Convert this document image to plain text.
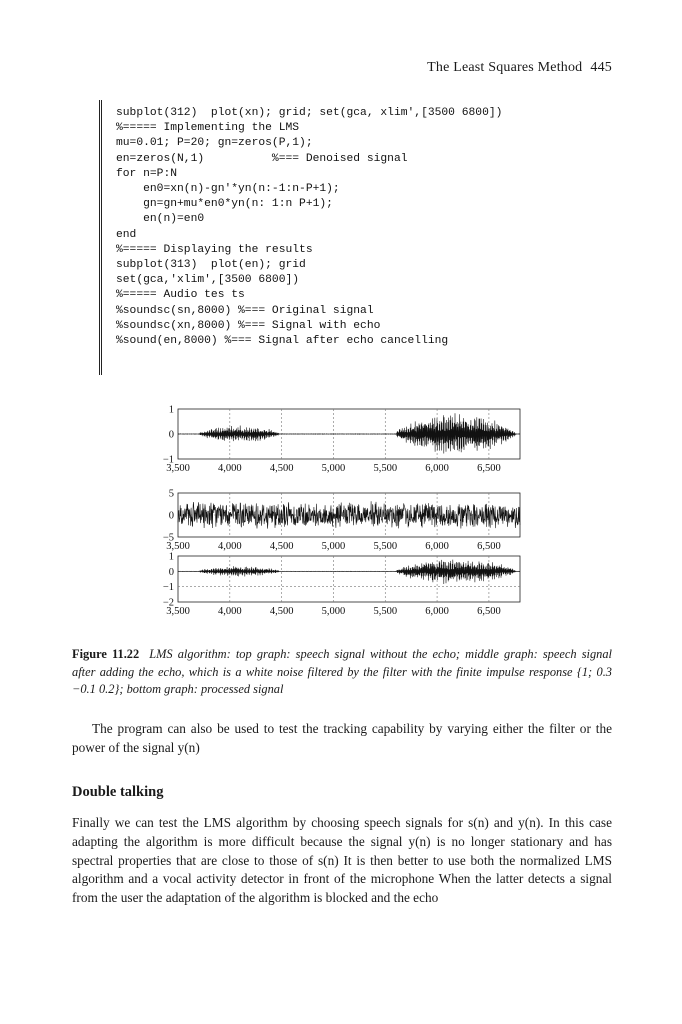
The Least Squares Method 445
subplot(312)  plot(xn); grid; set(gca, xlim',[3500 6800])
%===== Implementing the LMS
mu=0.01; P=20; gn=zeros(P,1);
en=zeros(N,1)          %=== Denoised signal
for n=P:N
en0=xn(n)-gn'*yn(n:-1:n-P+1);
gn=gn+mu*en0*yn(n: 1:n P+1);
en(n)=en0
end
%===== Displaying the results
subplot(313)  plot(en); grid
set(gca,'xlim',[3500 6800])
%===== Audio tes ts
%soundsc(sn,8000) %=== Original signal
%soundsc(xn,8000) %=== Signal with echo
%sound(en,8000) %=== Signal after echo cancelling

1
0
−1
3,500	4,000	4,500	5,000	5,500	6,000	6,500
5
0
−5
3,500	4,000	4,500	5,000	5,500	6,000	6,500
1
0
−1
−2
3,500	4,000	4,500	5,000	5,500	6,000	6,500
Figure 11.22 LMS algorithm: top graph: speech signal without the echo; middle graph: speech signal after adding the echo, which is a white noise filtered by the filter with the finite impulse response {1; 0.3 −0.1 0.2}; bottom graph: processed signal

The program can also be used to test the tracking capability by varying either the filter or the power of the signal y(n)

Double talking

Finally we can test the LMS algorithm by choosing speech signals for s(n) and y(n). In this case adapting the algorithm is more difficult because the signal y(n) is no longer stationary and has spectral properties that are close to those of s(n) It is then better to use both the normalized LMS algorithm and a vocal activity detector in front of the microphone When the latter detects a signal from the user the adaptation of the algorithm is blocked and the echo
